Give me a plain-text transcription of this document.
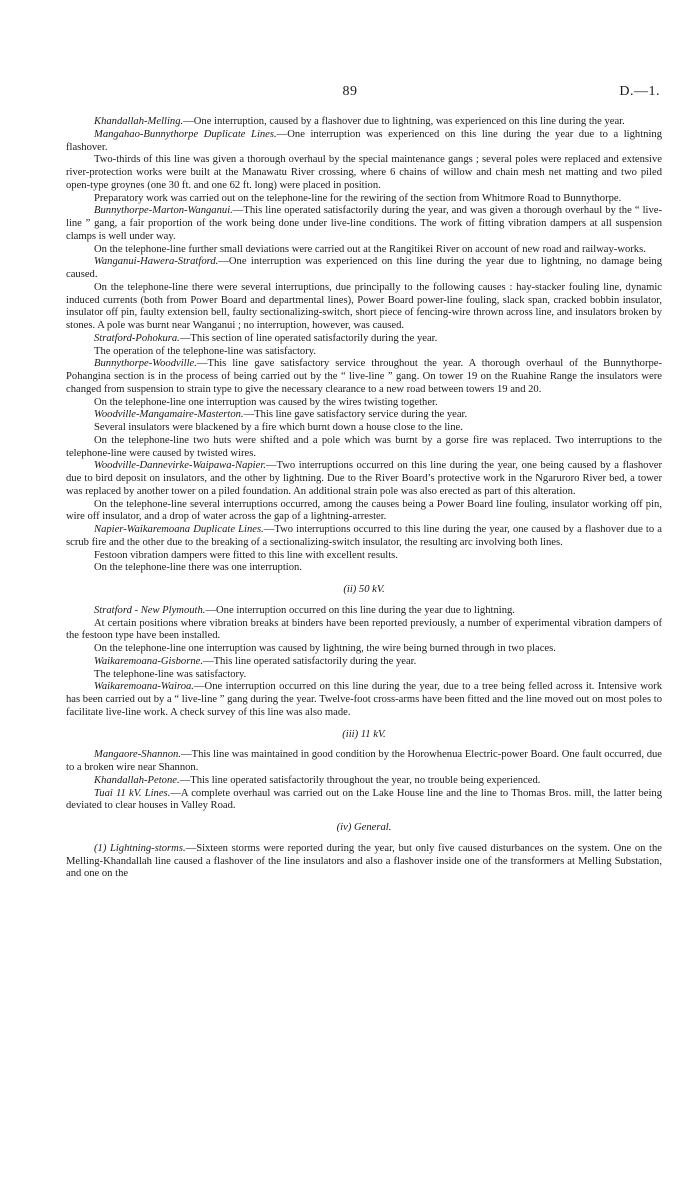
89	D.—1.

Khandallah-Melling.—One interruption, caused by a flashover due to lightning, was experienced on this line during the year.

Mangahao-Bunnythorpe Duplicate Lines.—One interruption was experienced on this line during the year due to a lightning flashover.

Two-thirds of this line was given a thorough overhaul by the special maintenance gangs ; several poles were replaced and extensive river-protection works were built at the Manawatu River crossing, where 6 chains of willow and chain mesh net matting and two piled open-type groynes (one 30 ft. and one 62 ft. long) were placed in position.

Preparatory work was carried out on the telephone-line for the rewiring of the section from Whitmore Road to Bunnythorpe.

Bunnythorpe-Marton-Wanganui.—This line operated satisfactorily during the year, and was given a thorough overhaul by the “ live-line ” gang, a fair proportion of the work being done under live-line conditions. The work of fitting vibration dampers at all suspension clamps is well under way.

On the telephone-line further small deviations were carried out at the Rangitikei River on account of new road and railway-works.

Wanganui-Hawera-Stratford.—One interruption was experienced on this line during the year due to lightning, no damage being caused.

On the telephone-line there were several interruptions, due principally to the following causes : hay-stacker fouling line, dynamic induced currents (both from Power Board and departmental lines), Power Board power-line fouling, slack span, cracked bobbin insulator, insulator off pin, faulty extension bell, faulty sectionalizing-switch, short piece of fencing-wire thrown across line, and insulators broken by stones. A pole was burnt near Wanganui ; no interruption, however, was caused.

Stratford-Pohokura.—This section of line operated satisfactorily during the year.

The operation of the telephone-line was satisfactory.

Bunnythorpe-Woodville.—This line gave satisfactory service throughout the year. A thorough overhaul of the Bunnythorpe-Pohangina section is in the process of being carried out by the “ live-line ” gang. On tower 19 on the Ruahine Range the insulators were changed from suspension to strain type to give the necessary clearance to a new road between towers 19 and 20.

On the telephone-line one interruption was caused by the wires twisting together.

Woodville-Mangamaire-Masterton.—This line gave satisfactory service during the year.

Several insulators were blackened by a fire which burnt down a house close to the line.

On the telephone-line two huts were shifted and a pole which was burnt by a gorse fire was replaced. Two interruptions to the telephone-line were caused by twisted wires.

Woodville-Dannevirke-Waipawa-Napier.—Two interruptions occurred on this line during the year, one being caused by a flashover due to bird deposit on insulators, and the other by lightning. Due to the River Board’s protective work in the Ngaruroro River bed, a tower was replaced by another tower on a piled foundation. An additional strain pole was also erected as part of this alteration.

On the telephone-line several interruptions occurred, among the causes being a Power Board line fouling, insulator working off pin, wire off insulator, and a drop of water across the gap of a lightning-arrester.

Napier-Waikaremoana Duplicate Lines.—Two interruptions occurred to this line during the year, one caused by a flashover due to a scrub fire and the other due to the breaking of a sectionalizing-switch insulator, the resulting arc involving both lines.

Festoon vibration dampers were fitted to this line with excellent results.

On the telephone-line there was one interruption.

(ii) 50 kV.

Stratford - New Plymouth.—One interruption occurred on this line during the year due to lightning.

At certain positions where vibration breaks at binders have been reported previously, a number of experimental vibration dampers of the festoon type have been installed.

On the telephone-line one interruption was caused by lightning, the wire being burned through in two places.

Waikaremoana-Gisborne.—This line operated satisfactorily during the year.

The telephone-line was satisfactory.

Waikaremoana-Wairoa.—One interruption occurred on this line during the year, due to a tree being felled across it. Intensive work has been carried out by a “ live-line ” gang during the year. Twelve-foot cross-arms have been fitted and the line moved out on most poles to facilitate live-line work. A check survey of this line was also made.

(iii) 11 kV.

Mangaore-Shannon.—This line was maintained in good condition by the Horowhenua Electric-power Board. One fault occurred, due to a broken wire near Shannon.

Khandallah-Petone.—This line operated satisfactorily throughout the year, no trouble being experienced.

Tuai 11 kV. Lines.—A complete overhaul was carried out on the Lake House line and the line to Thomas Bros. mill, the latter being deviated to clear houses in Valley Road.

(iv) General.

(1) Lightning-storms.—Sixteen storms were reported during the year, but only five caused disturbances on the system. One on the Melling-Khandallah line caused a flashover of the line insulators and also a flashover inside one of the transformers at Melling Substation, and one on the
